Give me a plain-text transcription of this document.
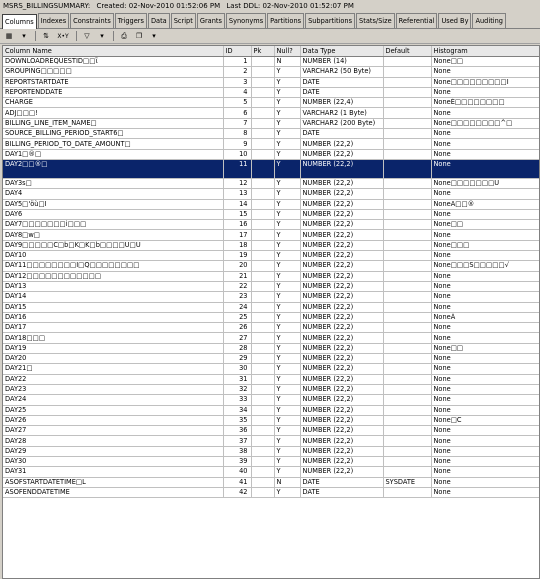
MSRS_BILLINGSUMMARY: Created: 02-Nov-2010 01:52:06 PM Last DDL: 02-Nov-2010 01:52:07 PM
Columns	Indexes	Constraints	Triggers	Data	Script	Grants	Synonyms	Partitions	Subpartitions	Stats/Size	Referential	Used By	Auditing
▦	▾	⇅	X•Y	▽	▾	⎙	❐	▾
Column Name	ID	Pk	Null?	Data Type	Default	Histogram
DOWNLOADREQUESTID□□ΐ	1		N	NUMBER (14)		None□□
GROUPING□□□□□	2		Y	VARCHAR2 (50 Byte)		None
REPORTSTARTDATE	3		Y	DATE		None□□□□□□□□□I
REPORTENDDATE	4		Y	DATE		None
CHARGE	5		Y	NUMBER (22,4)		NoneÉ□□□□□□□□
ADJ□□□!	6		Y	VARCHAR2 (1 Byte)		None
BILLING_LINE_ITEM_NAME□	7		Y	VARCHAR2 (200 Byte)		None□□□□□□□□^□
SOURCE_BILLING_PERIOD_START6□	8		Y	DATE		None
BILLING_PERIOD_TO_DATE_AMOUNT□	9		Y	NUMBER (22,2)		None
DAY1□®□	10		Y	NUMBER (22,2)		None
DAY2□□®□	11		Y	NUMBER (22,2)		None
DAY3s□	12		Y	NUMBER (22,2)		None□□□□□□□U
DAY4	13		Y	NUMBER (22,2)		None
DAY5□'öù□I	14		Y	NUMBER (22,2)		NoneÃ□□®
DAY6	15		Y	NUMBER (22,2)		None
DAY7□□□□□□□i□□□	16		Y	NUMBER (22,2)		None□□
DAY8□w□	17		Y	NUMBER (22,2)		None
DAY9□□□□□C□b□K□K□b□□□□U□U	18		Y	NUMBER (22,2)		None□□□
DAY10	19		Y	NUMBER (22,2)		None
DAY11□□□□□□□□I□Q□□□□□□□□	20		Y	NUMBER (22,2)		None□□□S□□□□□√
DAY12□□□□□□□□□□□□	21		Y	NUMBER (22,2)		None
DAY13	22		Y	NUMBER (22,2)		None
DAY14	23		Y	NUMBER (22,2)		None
DAY15	24		Y	NUMBER (22,2)		None
DAY16	25		Y	NUMBER (22,2)		NoneÂ
DAY17	26		Y	NUMBER (22,2)		None
DAY18□□□	27		Y	NUMBER (22,2)		None
DAY19	28		Y	NUMBER (22,2)		None□□
DAY20	29		Y	NUMBER (22,2)		None
DAY21□	30		Y	NUMBER (22,2)		None
DAY22	31		Y	NUMBER (22,2)		None
DAY23	32		Y	NUMBER (22,2)		None
DAY24	33		Y	NUMBER (22,2)		None
DAY25	34		Y	NUMBER (22,2)		None
DAY26	35		Y	NUMBER (22,2)		None□C
DAY27	36		Y	NUMBER (22,2)		None
DAY28	37		Y	NUMBER (22,2)		None
DAY29	38		Y	NUMBER (22,2)		None
DAY30	39		Y	NUMBER (22,2)		None
DAY31	40		Y	NUMBER (22,2)		None
ASOFSTARTDATETIME□L	41		N	DATE	SYSDATE	None
ASOFENDDATETIME	42		Y	DATE		None
